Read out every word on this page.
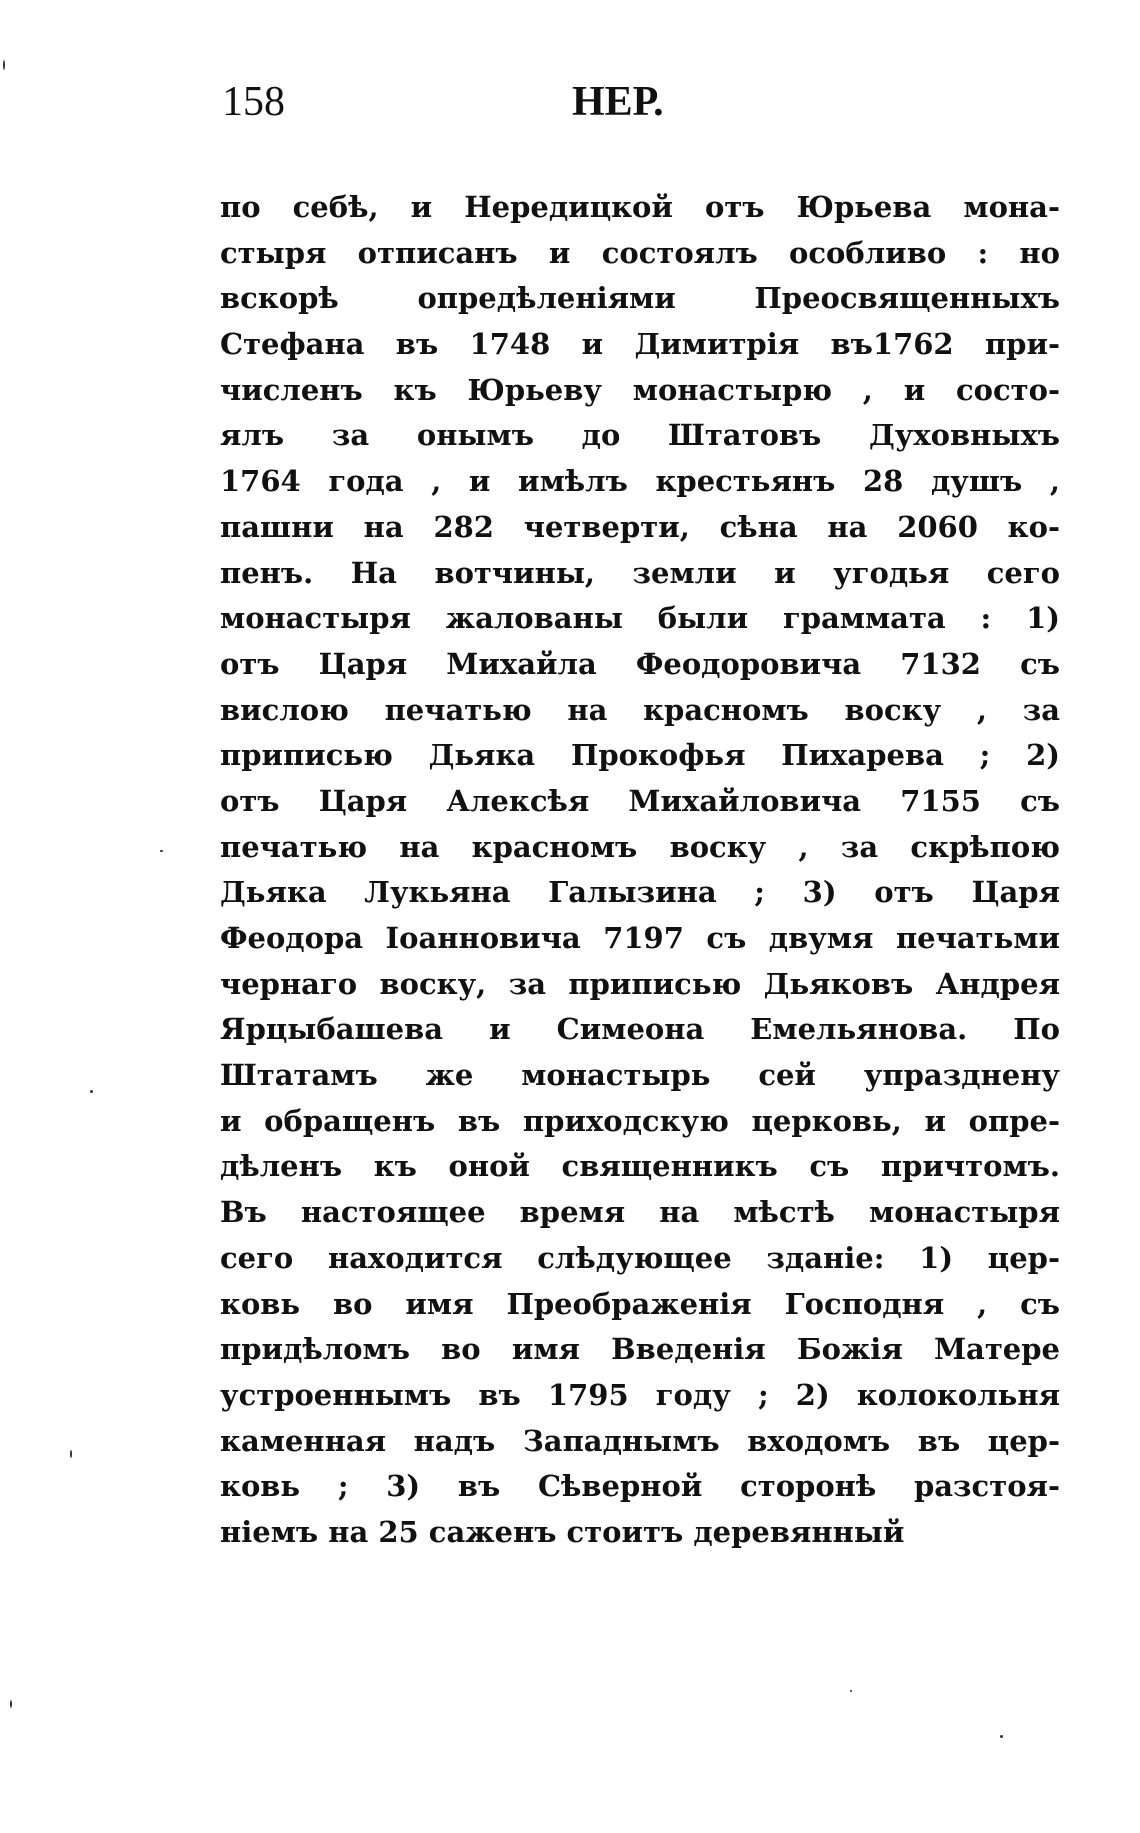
158	НЕР.
по себѣ, и Нередицкой отъ Юрьева мона-
стыря отписанъ и состоялъ особливо : но
вскорѣ опредѣленіями Преосвященныхъ
Стефана въ 1748 и Димитрія въ1762 при-
численъ къ Юрьеву монастырю , и состо-
ялъ за онымъ до Штатовъ Духовныхъ
1764 года , и имѣлъ крестьянъ 28 душъ ,
пашни на 282 четверти, сѣна на 2060 ко-
пенъ. На вотчины, земли и угодья сего
монастыря жалованы были граммата : 1)
отъ Царя Михайла Феодоровича 7132 съ
вислою печатью на красномъ воску , за
приписью Дьяка Прокофья Пихарева ; 2)
отъ Царя Алексѣя Михайловича 7155 съ
печатью на красномъ воску , за скрѣпою
Дьяка Лукьяна Галызина ; 3) отъ Царя
Феодора Іоанновича 7197 съ двумя печатьми
чернаго воску, за приписью Дьяковъ Андрея
Ярцыбашева и Симеона Емельянова. По
Штатамъ же монастырь сей упразднену
и обращенъ въ приходскую церковь, и опре-
дѣленъ къ оной священникъ съ причтомъ.
Въ настоящее время на мѣстѣ монастыря
сего находится слѣдующее зданіе: 1) цер-
ковь во имя Преображенія Господня , съ
придѣломъ во имя Введенія Божія Матере
устроеннымъ въ 1795 году ; 2) колокольня
каменная надъ Западнымъ входомъ въ цер-
ковь ; 3) въ Сѣверной сторонѣ разстоя-
ніемъ на 25 саженъ стоитъ деревянный
